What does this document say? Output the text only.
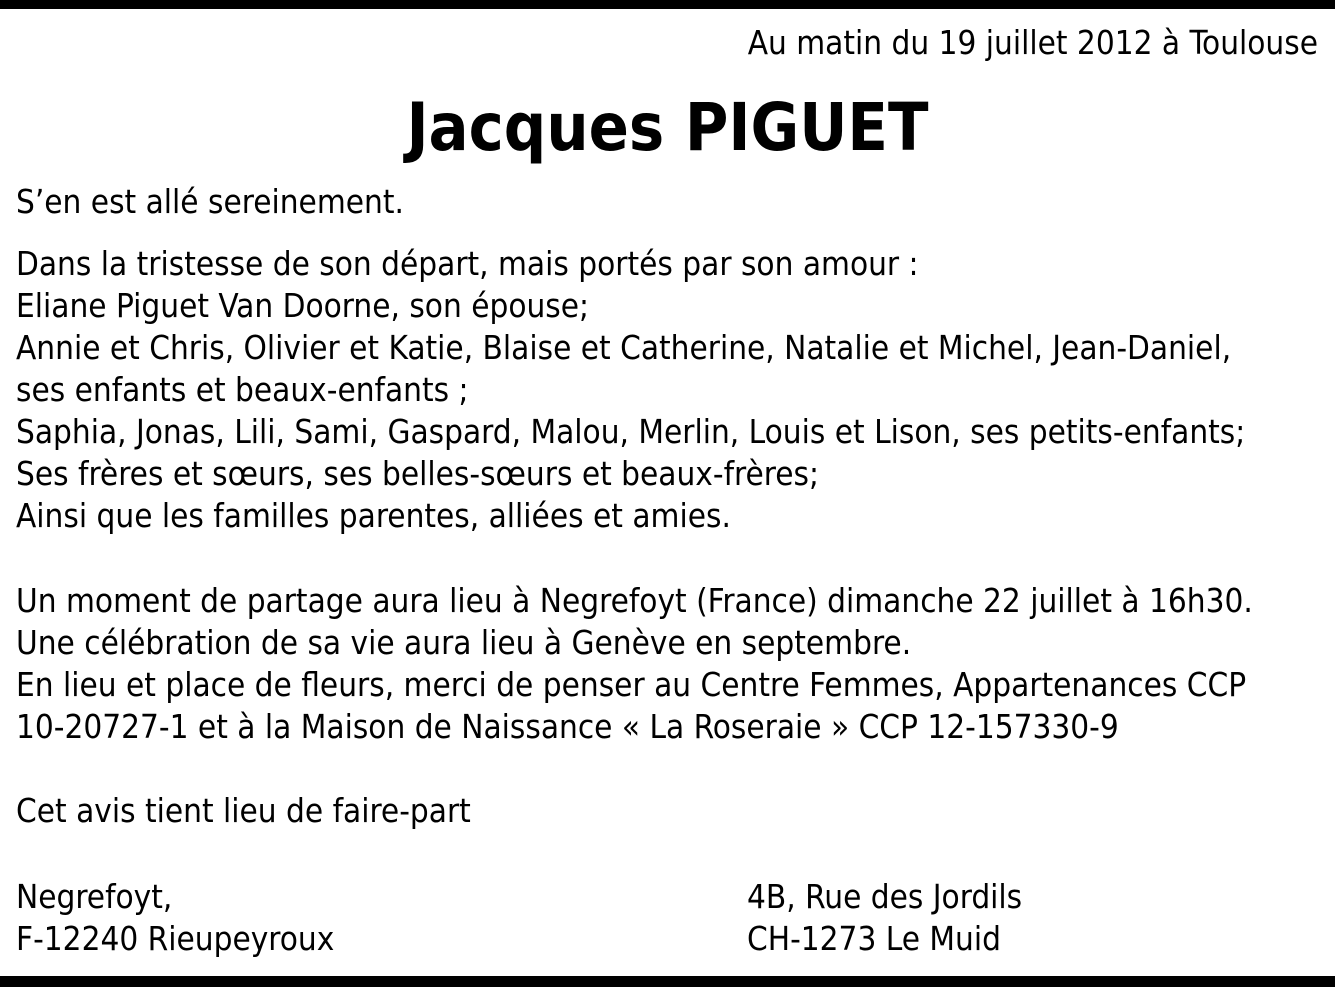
Au matin du 19 juillet 2012 à Toulouse
Jacques PIGUET
S’en est allé sereinement.
Dans la tristesse de son départ, mais portés par son amour :
Eliane Piguet Van Doorne, son épouse;
Annie et Chris, Olivier et Katie, Blaise et Catherine, Natalie et Michel, Jean-Daniel,
ses enfants et beaux-enfants ;
Saphia, Jonas, Lili, Sami, Gaspard, Malou, Merlin, Louis et Lison, ses petits-enfants;
Ses frères et sœurs, ses belles-sœurs et beaux-frères;
Ainsi que les familles parentes, alliées et amies.
Un moment de partage aura lieu à Negrefoyt (France) dimanche 22 juillet à 16h30.
Une célébration de sa vie aura lieu à Genève en septembre.
En lieu et place de fleurs, merci de penser au Centre Femmes, Appartenances CCP
10-20727-1 et à la Maison de Naissance « La Roseraie » CCP 12-157330-9
Cet avis tient lieu de faire-part
Negrefoyt,
F-12240 Rieupeyroux
4B, Rue des Jordils
CH-1273 Le Muid
